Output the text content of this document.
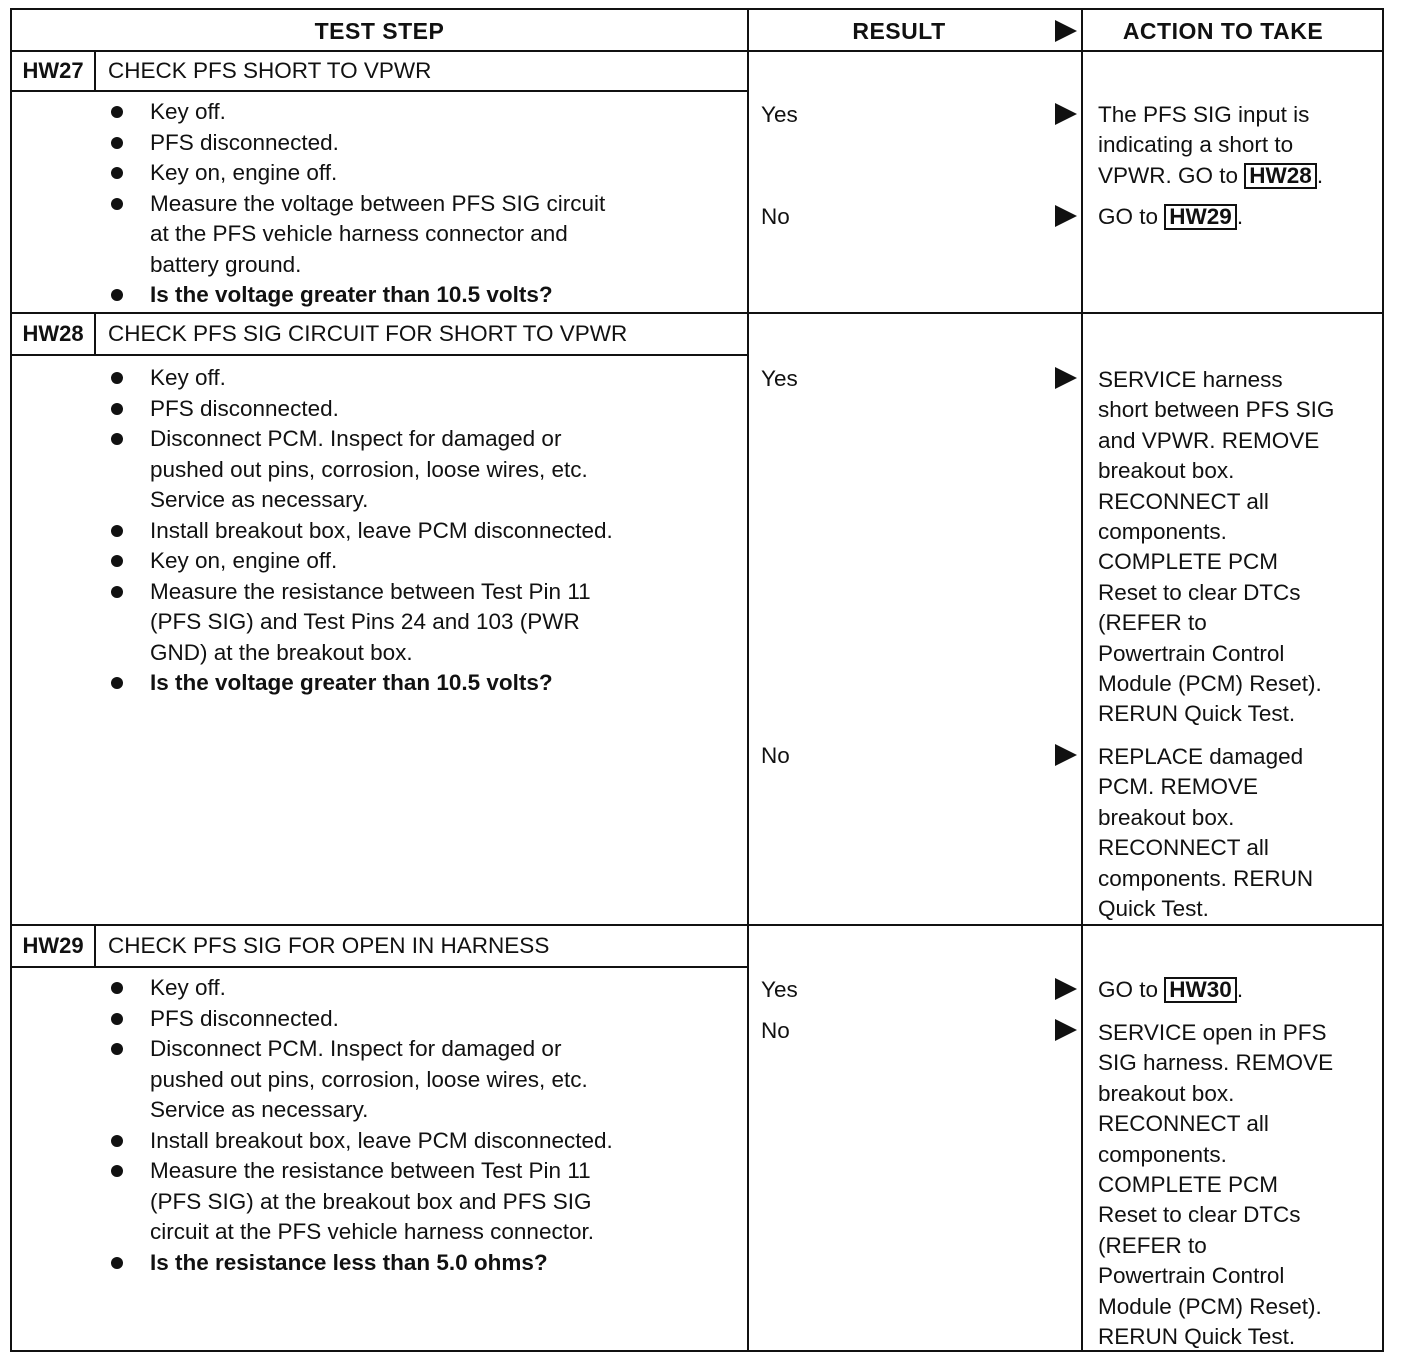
TEST STEP	RESULT	ACTION TO TAKE
HW27	CHECK PFS SHORT TO VPWR
Key off.
PFS disconnected.
Key on, engine off.
Measure the voltage between PFS SIG circuit
at the PFS vehicle harness connector and
battery ground.
Is the voltage greater than 10.5 volts?
Yes	The PFS SIG input is
indicating a short to
VPWR. GO to HW28 .
No	GO to HW29 .
HW28	CHECK PFS SIG CIRCUIT FOR SHORT TO VPWR
Key off.
PFS disconnected.
Disconnect PCM. Inspect for damaged or
pushed out pins, corrosion, loose wires, etc.
Service as necessary.
Install breakout box, leave PCM disconnected.
Key on, engine off.
Measure the resistance between Test Pin 11
(PFS SIG) and Test Pins 24 and 103 (PWR
GND) at the breakout box.
Is the voltage greater than 10.5 volts?
Yes	SERVICE harness
short between PFS SIG
and VPWR. REMOVE
breakout box.
RECONNECT all
components.
COMPLETE PCM
Reset to clear DTCs
(REFER to
Powertrain Control
Module (PCM) Reset).
RERUN Quick Test.
No	REPLACE damaged
PCM. REMOVE
breakout box.
RECONNECT all
components. RERUN
Quick Test.
HW29	CHECK PFS SIG FOR OPEN IN HARNESS
Key off.
PFS disconnected.
Disconnect PCM. Inspect for damaged or
pushed out pins, corrosion, loose wires, etc.
Service as necessary.
Install breakout box, leave PCM disconnected.
Measure the resistance between Test Pin 11
(PFS SIG) at the breakout box and PFS SIG
circuit at the PFS vehicle harness connector.
Is the resistance less than 5.0 ohms?
Yes	GO to HW30 .
No	SERVICE open in PFS
SIG harness. REMOVE
breakout box.
RECONNECT all
components.
COMPLETE PCM
Reset to clear DTCs
(REFER to
Powertrain Control
Module (PCM) Reset).
RERUN Quick Test.
